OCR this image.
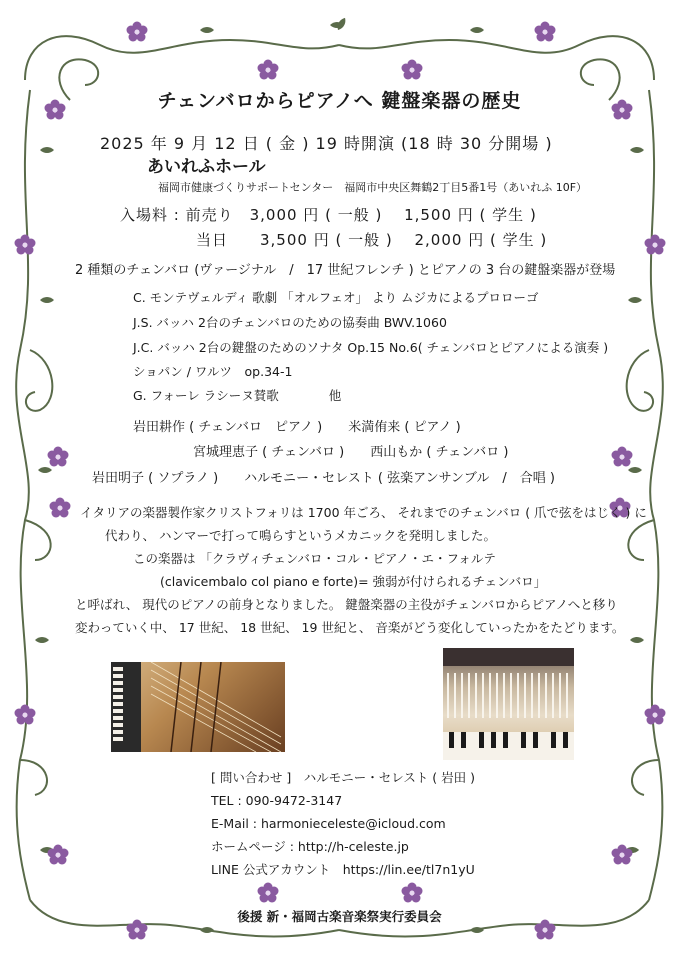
チェンバロからピアノへ 鍵盤楽器の歴史
2025 年 9 月 12 日 ( 金 ) 19 時開演 (18 時 30 分開場 )
あいれふホール
福岡市健康づくりサポートセンター　福岡市中央区舞鶴2丁目5番1号（あいれふ 10F）
入場料 : 前売り　3,000 円 ( 一般 )　 1,500 円 ( 学生 )
当日　　3,500 円 ( 一般 )　 2,000 円 ( 学生 )
2 種類のチェンバロ (ヴァージナル　/　17 世紀フレンチ ) とピアノの 3 台の鍵盤楽器が登場
C. モンテヴェルディ 歌劇 「オルフェオ」 より ムジカによるプロローゴ
J.S. バッハ 2台のチェンバロのための協奏曲 BWV.1060
J.C. バッハ 2台の鍵盤のためのソナタ Op.15 No.6( チェンバロとピアノによる演奏 )
ショパン / ワルツ　op.34-1
G. フォーレ ラシーヌ賛歌　　　　他
岩田耕作 ( チェンバロ　ピアノ )　　米満侑来 ( ピアノ )
宮城理恵子 ( チェンバロ )　　西山もか ( チェンバロ )
岩田明子 ( ソプラノ )　　ハルモニー・セレスト ( 弦楽アンサンブル　/　合唱 )
イタリアの楽器製作家クリストフォリは 1700 年ごろ、 それまでのチェンバロ ( 爪で弦をはじく ) に
代わり、 ハンマーで打って鳴らすというメカニックを発明しました。
この楽器は 「クラヴィチェンバロ・コル・ピアノ・エ・フォルテ
(clavicembalo col piano e forte)= 強弱が付けられるチェンバロ」
と呼ばれ、 現代のピアノの前身となりました。 鍵盤楽器の主役がチェンバロからピアノへと移り
変わっていく中、 17 世紀、 18 世紀、 19 世紀と、 音楽がどう変化していったかをたどります。
[ 問い合わせ ]　ハルモニー・セレスト ( 岩田 )
TEL : 090-9472-3147
E-Mail : harmonieceleste@icloud.com
ホームページ : http://h-celeste.jp
LINE 公式アカウント　https://lin.ee/tl7n1yU
後援 新・福岡古楽音楽祭実行委員会
